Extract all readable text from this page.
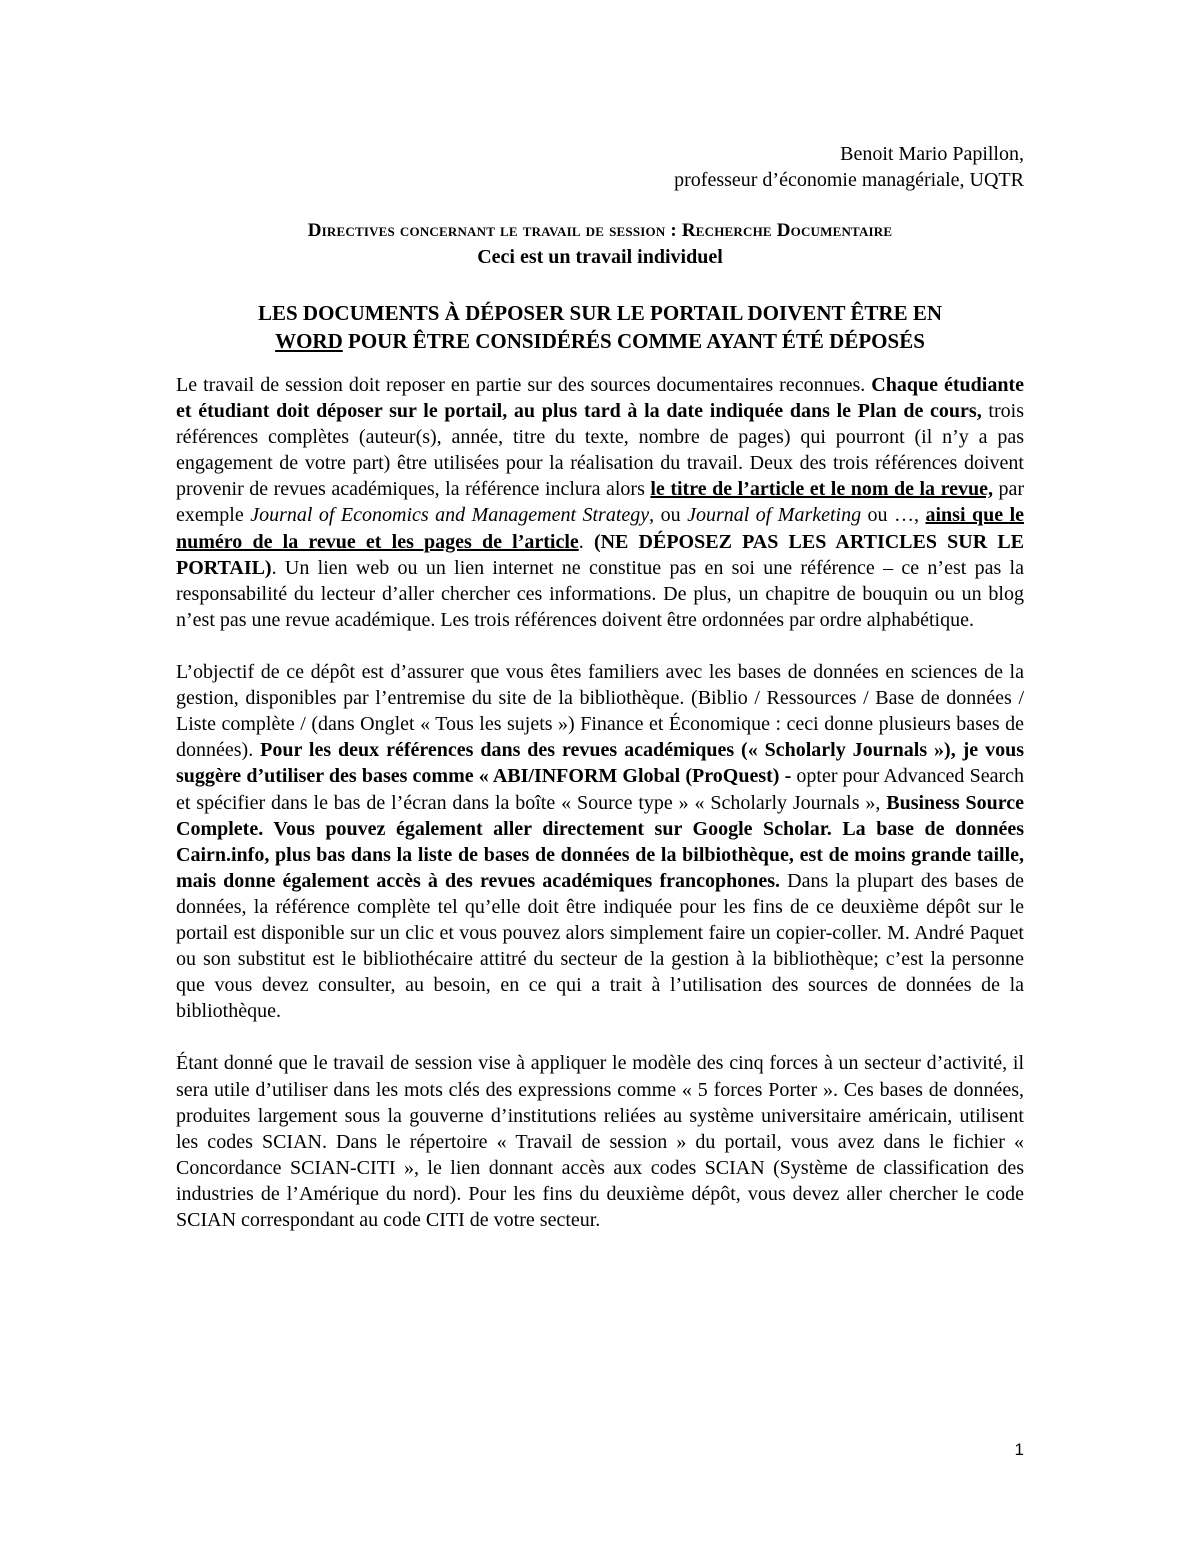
Benoit Mario Papillon,
professeur d’économie managériale, UQTR
Directives concernant le travail de session : Recherche Documentaire
Ceci est un travail individuel
LES DOCUMENTS À DÉPOSER SUR LE PORTAIL DOIVENT ÊTRE EN
WORD POUR ÊTRE CONSIDÉRÉS COMME AYANT ÉTÉ DÉPOSÉS

Le travail de session doit reposer en partie sur des sources documentaires reconnues. Chaque étudiante et étudiant doit déposer sur le portail, au plus tard à la date indiquée dans le Plan de cours, trois références complètes (auteur(s), année, titre du texte, nombre de pages) qui pourront (il n’y a pas engagement de votre part) être utilisées pour la réalisation du travail. Deux des trois références doivent provenir de revues académiques, la référence inclura alors le titre de l’article et le nom de la revue, par exemple Journal of Economics and Management Strategy, ou Journal of Marketing ou …, ainsi que le numéro de la revue et les pages de l’article. (NE DÉPOSEZ PAS LES ARTICLES SUR LE PORTAIL). Un lien web ou un lien internet ne constitue pas en soi une référence – ce n’est pas la responsabilité du lecteur d’aller chercher ces informations. De plus, un chapitre de bouquin ou un blog n’est pas une revue académique. Les trois références doivent être ordonnées par ordre alphabétique.

L’objectif de ce dépôt est d’assurer que vous êtes familiers avec les bases de données en sciences de la gestion, disponibles par l’entremise du site de la bibliothèque. (Biblio / Ressources / Base de données / Liste complète / (dans Onglet « Tous les sujets ») Finance et Économique : ceci donne plusieurs bases de données). Pour les deux références dans des revues académiques (« Scholarly Journals »), je vous suggère d’utiliser des bases comme « ABI/INFORM Global (ProQuest) - opter pour Advanced Search et spécifier dans le bas de l’écran dans la boîte « Source type » « Scholarly Journals », Business Source Complete. Vous pouvez également aller directement sur Google Scholar. La base de données Cairn.info, plus bas dans la liste de bases de données de la bilbiothèque, est de moins grande taille, mais donne également accès à des revues académiques francophones. Dans la plupart des bases de données, la référence complète tel qu’elle doit être indiquée pour les fins de ce deuxième dépôt sur le portail est disponible sur un clic et vous pouvez alors simplement faire un copier-coller. M. André Paquet ou son substitut est le bibliothécaire attitré du secteur de la gestion à la bibliothèque; c’est la personne que vous devez consulter, au besoin, en ce qui a trait à l’utilisation des sources de données de la bibliothèque.

Étant donné que le travail de session vise à appliquer le modèle des cinq forces à un secteur d’activité, il sera utile d’utiliser dans les mots clés des expressions comme « 5 forces Porter ». Ces bases de données, produites largement sous la gouverne d’institutions reliées au système universitaire américain, utilisent les codes SCIAN. Dans le répertoire « Travail de session » du portail, vous avez dans le fichier « Concordance SCIAN-CITI », le lien donnant accès aux codes SCIAN (Système de classification des industries de l’Amérique du nord). Pour les fins du deuxième dépôt, vous devez aller chercher le code SCIAN correspondant au code CITI de votre secteur.

1
